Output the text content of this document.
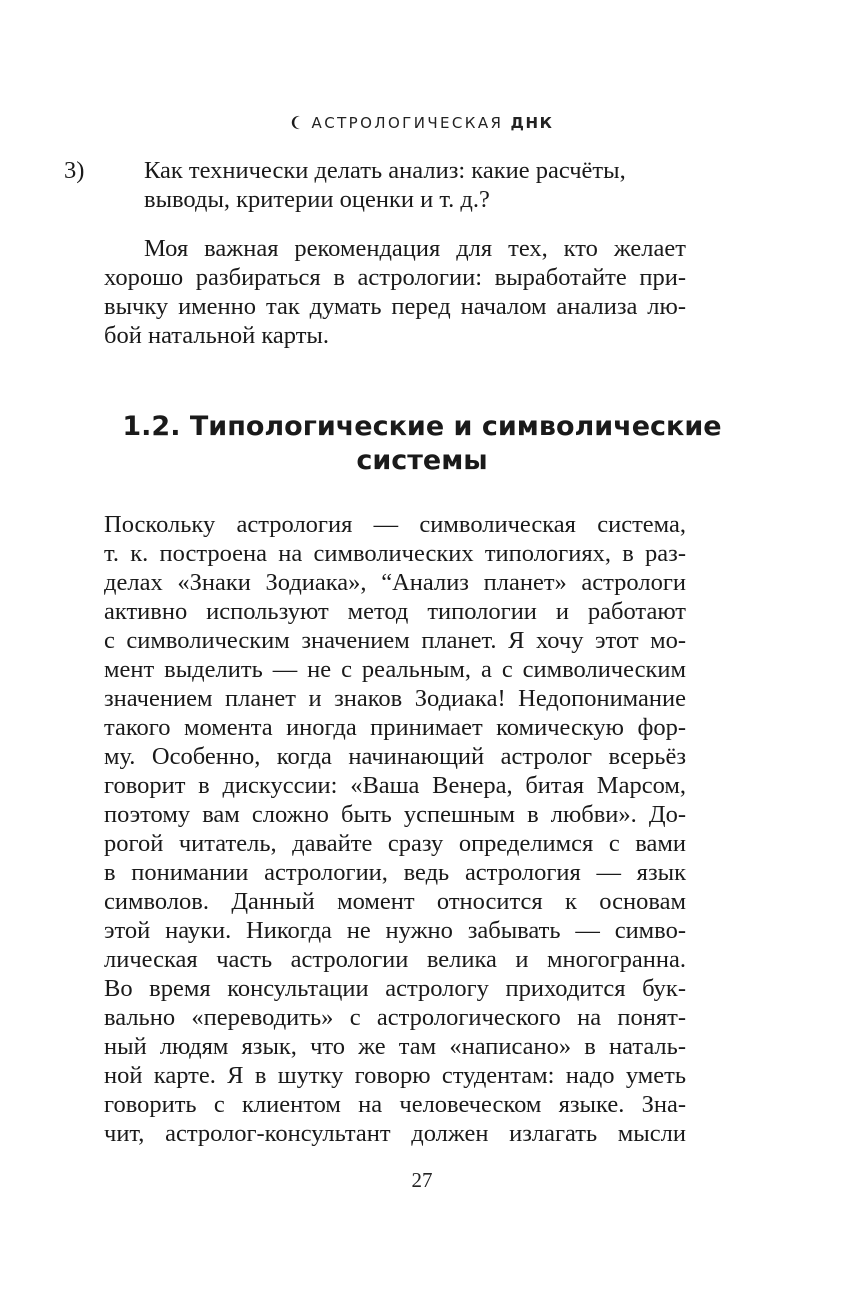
АСТРОЛОГИЧЕСКАЯ ДНК

3) Как технически делать анализ: какие расчёты,

выводы, критерии оценки и т. д.?

Моя важная рекомендация для тех, кто желает
хорошо разбираться в астрологии: выработайте при-
вычку именно так думать перед началом анализа лю-
бой натальной карты.
1.2. Типологические и символические
системы
Поскольку астрология — символическая система,
т. к. построена на символических типологиях, в раз-
делах «Знаки Зодиака», “Анализ планет» астрологи
активно используют метод типологии и работают
с символическим значением планет. Я хочу этот мо-
мент выделить — не с реальным, а с символическим
значением планет и знаков Зодиака! Недопонимание
такого момента иногда принимает комическую фор-
му. Особенно, когда начинающий астролог всерьёз
говорит в дискуссии: «Ваша Венера, битая Марсом,
поэтому вам сложно быть успешным в любви». До-
рогой читатель, давайте сразу определимся с вами
в понимании астрологии, ведь астрология — язык
символов. Данный момент относится к основам
этой науки. Никогда не нужно забывать — симво-
лическая часть астрологии велика и многогранна.
Во время консультации астрологу приходится бук-
вально «переводить» с астрологического на понят-
ный людям язык, что же там «написано» в наталь-
ной карте. Я в шутку говорю студентам: надо уметь
говорить с клиентом на человеческом языке. Зна-
чит, астролог-консультант должен излагать мысли
27
